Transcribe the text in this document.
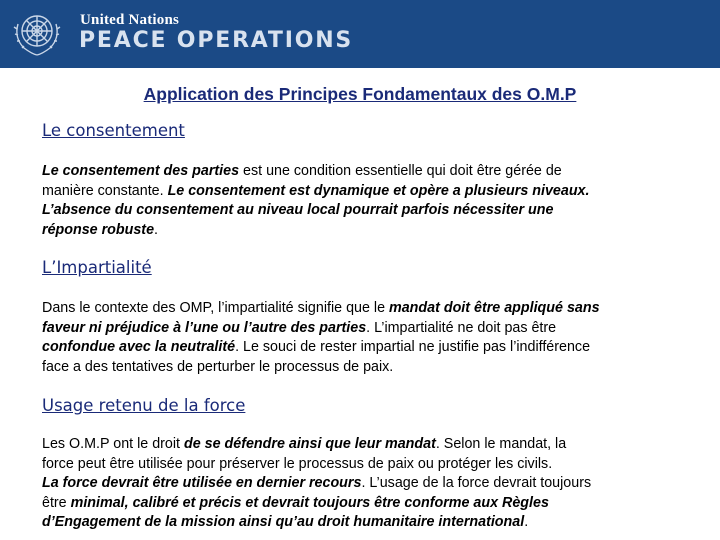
United Nations
PEACE OPERATIONS
Application des Principes Fondamentaux des O.M.P
Le consentement
Le consentement des parties est une condition essentielle qui doit être gérée de
manière constante. Le consentement est dynamique et opère a plusieurs niveaux.
L’absence du consentement au niveau local pourrait parfois nécessiter une
réponse robuste.
L’Impartialité
Dans le contexte des OMP, l’impartialité signifie que le mandat doit être appliqué sans
faveur ni préjudice à l’une ou l’autre des parties. L’impartialité ne doit pas être
confondue avec la neutralité. Le souci de rester impartial ne justifie pas l’indifférence
face a des tentatives de perturber le processus de paix.
Usage retenu de la force
Les O.M.P ont le droit de se défendre ainsi que leur mandat. Selon le mandat, la
force peut être utilisée pour préserver le processus de paix ou protéger les civils.
La force devrait être utilisée en dernier recours. L’usage de la force devrait toujours
être minimal, calibré et précis et devrait toujours être conforme aux Règles
d’Engagement de la mission ainsi qu’au droit humanitaire international.
